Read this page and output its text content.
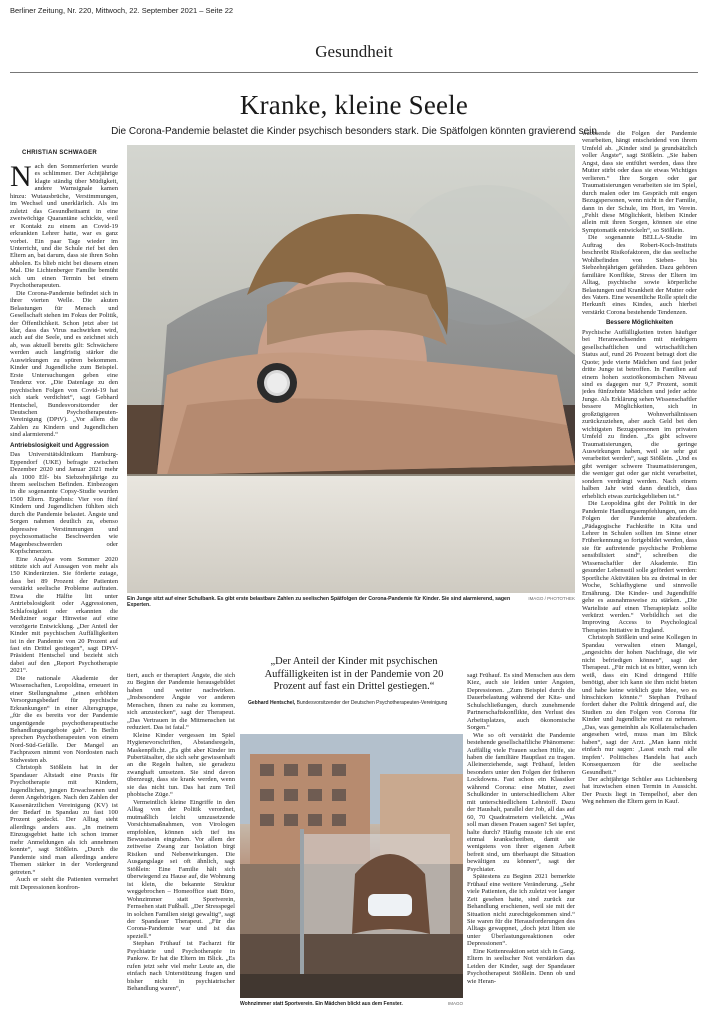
Berliner Zeitung, Nr. 220, Mittwoch, 22. September 2021 – Seite 22
Gesundheit
Kranke, kleine Seele
Die Corona-Pandemie belastet die Kinder psychisch besonders stark. Die Spätfolgen könnten gravierend sein
CHRISTIAN SCHWAGER

Nach den Sommerferien wurde es schlimmer. Der Achtjährige klagte ständig über Müdigkeit, andere Warnsignale kamen hinzu: Wutausbrüche, Verstimmungen, im Wechsel und unerklärlich. Als im zuletzt das Gesundheitsamt in eine zweiwöchige Quarantäne schickte, weil er Kontakt zu einem an Covid-19 erkrankten Lehrer hatte, war es ganz vorbei. Ein paar Tage wieder im Unterricht, und die Schule rief bei den Eltern an, bat darum, dass sie ihren Sohn abholen. Es blieb nicht bei diesem einen Mal. Die Lichtenberger Familie bemüht sich um einen Termin bei einem Psychotherapeuten.

Die Corona-Pandemie befindet sich in ihrer vierten Welle. Die akuten Belastungen für Mensch und Gesellschaft stehen im Fokus der Politik, der Öffentlichkeit. Schon jetzt aber ist klar, dass das Virus nachwirken wird, auch auf die Seele, und es zeichnet sich ab, was aktuell bereits gilt: Schwächere werden auch langfristig stärker die Auswirkungen zu spüren bekommen. Kinder und Jugendliche zum Beispiel. Erste Untersuchungen geben eine Tendenz vor. „Die Datenlage zu den psychischen Folgen von Covid-19 hat sich stark verdichtet“, sagt Gebhard Hentschel, Bundesvorsitzender der Deutschen Psychotherapeuten-Vereinigung (DPtV). „Vor allem die Zahlen zu Kindern und Jugendlichen sind alarmierend.“

Antriebslosigkeit und Aggression

Das Universitätsklinikum Hamburg-Eppendorf (UKE) befragte zwischen Dezember 2020 und Januar 2021 mehr als 1000 Elf- bis Siebzehnjährige zu ihrem seelischen Befinden. Einbezogen in die sogenannte Copsy-Studie wurden 1500 Eltern. Ergebnis: Vier von fünf Kindern und Jugendlichen fühlten sich durch die Pandemie belastet. Ängste und Sorgen nahmen deutlich zu, ebenso depressive Verstimmungen und psychosomatische Beschwerden wie Magenbeschwerden oder Kopfschmerzen.

Eine Analyse vom Sommer 2020 stützte sich auf Aussagen von mehr als 150 Kinderärzten. Sie förderte zutage, dass bei 89 Prozent der Patienten verstärkt seelische Probleme auftraten. Etwa die Hälfte litt unter Antriebslosigkeit oder Aggressionen, Schlafosigkeit oder erkannten die Mediziner sogar Hinweise auf eine verzögerte Entwicklung. „Der Anteil der Kinder mit psychischen Auffälligkeiten ist in der Pandemie von 20 Prozent auf fast ein Drittel gestiegen“, sagt DPtV-Präsident Hentschel und bezieht sich dabei auf den „Report Psychotherapie 2021“.

Die nationale Akademie der Wissenschaften, Leopoldina, erneuert in einer Stellungnahme „einen erhöhten Versorgungsbedarf für psychische Erkrankungen“ in einer Altersgruppe, „für die es bereits vor der Pandemie ungenügende psychotherapeutische Behandlungsangebote gab“. In Berlin sprechen Psychotherapeuten von einem Nord-Süd-Gefälle. Der Mangel an Fachpraxen nimmt von Nordosten nach Südwesten ab.

Christoph Stößlein hat in der Spandauer Altstadt eine Praxis für Psychotherapie mit Kindern, Jugendlichen, jungen Erwachsenen und deren Angehörigen. Nach den Zahlen der Kassenärztlichen Vereinigung (KV) ist der Bedarf in Spandau zu fast 100 Prozent gedeckt. Der Alltag sieht allerdings anders aus. „In meinem Einzugsgebiet hatte ich schon immer mehr Anmeldungen als ich annehmen konnte“, sagt Stößlein. „Durch die Pandemie sind man allerdings andere Themen stärker in der Vordergrund getreten.“

Auch er sieht die Patienten vermehrt mit Depressionen konfron-

IMAGO / PHOTOTHEK
Ein Junge sitzt auf einer Schulbank. Es gibt erste belastbare Zahlen zu seelischen Spätfolgen der Corona-Pandemie für Kinder. Sie sind alarmierend, sagen Experten.

tiert, auch er therapiert Ängste, die sich zu Beginn der Pandemie herausgebildet haben und weiter nachwirken. „Insbesondere Ängste vor anderen Menschen, ihnen zu nahe zu kommen, sich anzustecken“, sagt der Therapeut. „Das Vertrauen in die Mitmenschen ist reduziert. Das ist fatal.“

Kleine Kinder vergessen im Spiel Hygienevorschriften, Abstandsregeln, Maskenpflicht. „Es gibt aber Kinder im Pubertätsalter, die sich sehr gewissenhaft an die Regeln halten, sie geradezu zwanghaft umsetzen. Sie sind davon überzeugt, dass sie krank werden, wenn sie das nicht tun. Das hat zum Teil phobische Züge.“

Vermeintlich kleine Eingriffe in den Alltag von der Politik verordnet, mutmaßlich leicht umzusetzende Vorsichtsmaßnahmen, von Virologen empfohlen, können sich tief ins Bewusstsein eingraben. Vor allem der zeitweise Zwang zur Isolation birgt Risiken und Nebenwirkungen. Die Ausgangslage sei oft ähnlich, sagt Stößlein: Eine Familie hält sich überwiegend zu Hause auf, die Wohnung ist klein, die bekannte Struktur weggebrochen – Homeoffice statt Büro, Wohnzimmer statt Sportverein, Fernsehen statt Fußball. „Der Stresspegel in solchen Familien steigt gewaltig“, sagt der Spandauer Therapeut. „Für die Corona-Pandemie war und ist das speziell.“

Stephan Frühauf ist Facharzt für Psychiatrie und Psychotherapie in Pankow. Er hat die Eltern im Blick. „Es rufen jetzt sehr viel mehr Leute an, die einfach nach Unterstützung fragen und bisher nicht in psychiatrischer Behandlung waren“,

„Der Anteil der Kinder mit psychischen Auffälligkeiten ist in der Pandemie von 20 Prozent auf fast ein Drittel gestiegen.“
Gebhard Hentschel, Bundesvorsitzender der Deutschen Psychotherapeuten-Vereinigung
IMAGO
Wohnzimmer statt Sportverein. Ein Mädchen blickt aus dem Fenster.

sagt Frühauf. Es sind Menschen aus dem Kiez, auch sie leiden unter Ängsten, Depressionen. „Zum Beispiel durch die Dauerbelastung während der Kita- und Schulschließungen, durch zunehmende Partnerschaftskonflikte, den Verlust des Arbeitsplatzes, auch ökonomische Sorgen.“

Wie so oft verstärkt die Pandemie bestehende gesellschaftliche Phänomene: Auffällig viele Frauen suchen Hilfe, sie haben die familiäre Hauptlast zu tragen. Alleinerziehende, sagt Frühauf, leiden besonders unter den Folgen der früheren Lockdowns. Fast schon ein Klassiker während Corona: eine Mutter, zwei Schulkinder in unterschiedlichem Alter mit unterschiedlichem Lehrstoff. Dazu der Haushalt, parallel der Job, all das auf 60, 70 Quadratmetern vielleicht. „Was soll man diesen Frauen sagen? Sei tapfer, halte durch? Häufig musste ich sie erst einmal krankschreiben, damit sie wenigstens von ihrer eigenen Arbeit befreit sind, um überhaupt die Situation bewältigen zu können“, sagt der Psychiater.

Spätestens zu Beginn 2021 bemerkte Frühauf eine weitere Veränderung. „Sehr viele Patienten, die ich zuletzt vor langer Zeit gesehen hatte, sind zurück zur Behandlung erschienen, weil sie mit der Situation nicht zurechtgekommen sind.“ Sie waren für die Herausforderungen des Alltags gewappnet, „doch jetzt litten sie unter Überlastungsreaktionen oder Depressionen“.

Eine Kettenreaktion setzt sich in Gang. Eltern in seelischer Not verstärken das Leiden der Kinder, sagt der Spandauer Psychotherapeut Stößlein. Denn ob und wie Heran-

wachsende die Folgen der Pandemie verarbeiten, hängt entscheidend von ihrem Umfeld ab. „Kinder sind ja grundsätzlich voller Ängste“, sagt Stößlein. „Sie haben Angst, dass sie entführt werden, dass ihre Mutter stirbt oder dass sie etwas Wichtiges verlieren.“ Ihre Sorgen oder gar Traumatisierungen verarbeiten sie im Spiel, durch malen oder im Gespräch mit engen Bezugspersonen, wenn nicht in der Familie, dann in der Schule, im Hort, im Verein. „Fehlt diese Möglichkeit, bleiben Kinder allein mit ihren Sorgen, können sie eine Symptomatik entwickeln“, so Stößlein.

Die sogenannte BELLA-Studie im Auftrag des Robert-Koch-Instituts beschreibt Risikofaktoren, die das seelische Wohlbefinden von Sieben- bis Siebzehnjährigen gefährden. Dazu gehören familiäre Konflikte, Stress der Eltern im Alltag, psychische sowie körperliche Belastungen und Krankheit der Mutter oder des Vaters. Eine wesentliche Rolle spielt die Herkunft eines Kindes, auch hierbei verstärkt Corona bestehende Tendenzen.

Bessere Möglichkeiten

Psychische Auffälligkeiten treten häufiger bei Heranwachsenden mit niedrigem gesellschaftlichen und wirtschaftlichen Status auf, rund 26 Prozent betragt dort die Quote; jede vierte Mädchen und fast jeder dritte Junge ist betroffen. In Familien auf einem hohen sozioökonomischen Niveau sind es dagegen nur 9,7 Prozent, somit jedes fünfzehnte Mädchen und jeder achte Junge. Als Erklärung sehen Wissenschaftler bessere Möglichkeiten, sich in großzügigeren Wohnverhältnissen zurückzuziehen, aber auch Geld bei den wichtigsten Bezugspersonen im privaten Umfeld zu finden. „Es gibt schwere Traumatisierungen, die geringe Auswirkungen haben, weil sie sehr gut verarbeitet werden“, sagt Stößlein. „Und es gibt weniger schwere Traumatisierungen, die weniger gut oder gar nicht verarbeitet, sondern verdrängt werden. Nach einem halben Jahr wird dann deutlich, dass erheblich etwas zurückgeblieben ist.“

Die Leopoldina gibt der Politik in der Pandemie Handlungsempfehlungen, um die Folgen der Pandemie abzufedern. „Pädagogische Fachkräfte in Kita und Lehrer in Schulen sollten im Sinne einer Früherkennung so fortgebildet werden, dass sie für auftretende psychische Probleme sensibilisiert sind“, schreiben die Wissenschaftler der Akademie. Ein gesunder Lebensstil solle gefördert werden: Sportliche Aktivitäten bis zu dreimal in der Woche, Schlafhygiene und sinnvolle Ernährung. Die Kinder- und Jugendhilfe gehe es ausnahmsweise zu stärken. „Die Warteliste auf einen Therapieplatz sollte verkürzt werden.“ Vorbildlich sei die Improving Access to Psychological Therapies Initiative in England.

Christoph Stößlein und seine Kollegen in Spandau verwalten einen Mangel, „angesichts der hohen Nachfrage, die wir nicht befriedigen können“, sagt der Therapeut. „Für mich ist es bitter, wenn ich weiß, dass ein Kind dringend Hilfe benötigt, aber ich kann sie ihm nicht bieten und habe keine wirklich gute Idee, wo es hinschicken könnte.“ Stephan Frühauf fordert daher die Politik dringend auf, die Studien zu den Folgen von Corona für Kinder und Jugendliche ernst zu nehmen. „Das, was gemeinhin als Kollateralschaden angesehen wird, muss man im Blick haben“, sagt der Arzt. „Man kann nicht einfach nur sagen: ‚Lasst euch mal alle impfen‘. Politisches Handeln hat auch Konsequenzen für die seelische Gesundheit.“

Der achtjährige Schüler aus Lichtenberg hat inzwischen einen Termin in Aussicht. Der Praxis liegt in Tempelhof, aber den Weg nehmen die Eltern gern in Kauf.
